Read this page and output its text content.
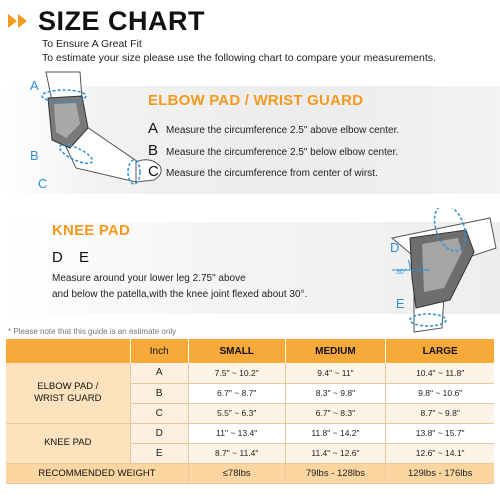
SIZE CHART
To Ensure A Great Fit
To estimate your size please use the following chart to compare your measurements.
A
B
C
ELBOW PAD / WRIST GUARD
A Measure the circumference 2.5" above elbow center.
B Measure the circumference 2.5" below elbow center.
C Measure the circumference from center of wirst.
KNEE PAD
D E
Measure around your lower leg 2.75" above
and below the patella,with the knee joint flexed about 30°.
D
30°
E
* Please note that this guide is an estimate only
	Inch	SMALL	MEDIUM	LARGE

ELBOW PAD /
WRIST GUARD	A	7.5" ~ 10.2"	9.4" ~ 11"	10.4" ~ 11.8"
	B	6.7" ~ 8.7"	8.3" ~ 9.8"	9.8" ~ 10.6"
	C	5.5" ~ 6.3"	6.7" ~ 8.3"	8.7" ~ 9.8"
KNEE PAD	D	11" ~ 13.4"	11.8" ~ 14.2"	13.8" ~ 15.7"
	E	8.7" ~ 11.4"	11.4" ~ 12.6"	12.6" ~ 14.1"
RECOMMENDED WEIGHT		≤78lbs	79lbs - 128lbs	129lbs - 176lbs
